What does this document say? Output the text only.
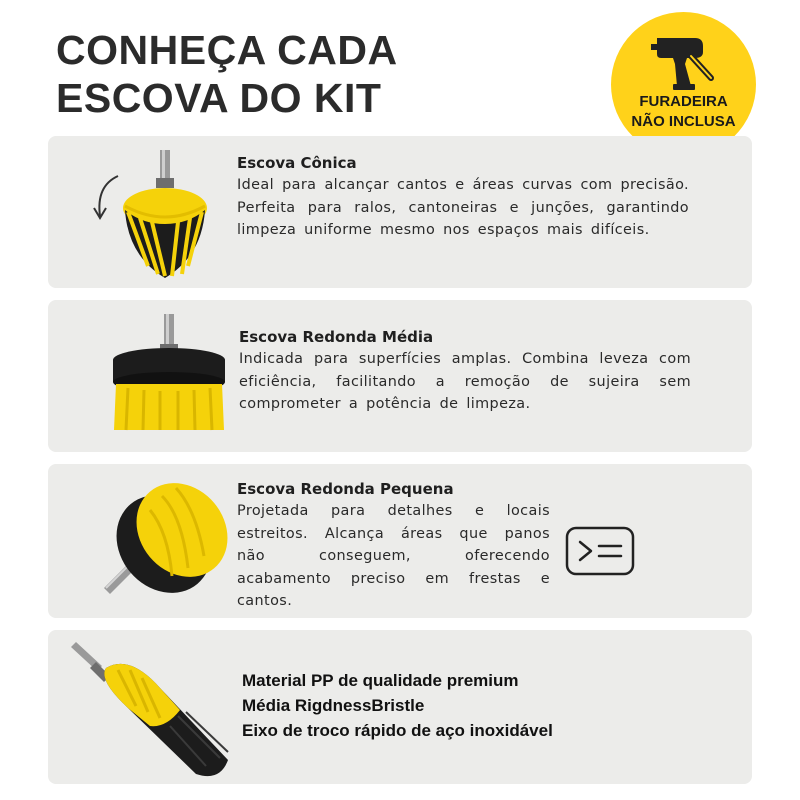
CONHEÇA CADA
ESCOVA DO KIT	FURADEIRA
NÃO INCLUSA
Escova Cônica
Ideal para alcançar cantos e áreas curvas com precisão. Perfeita para ralos, cantoneiras e junções, garantindo limpeza uniforme mesmo nos espaços mais difíceis.
Escova Redonda Média
Indicada para superfícies amplas. Combina leveza com eficiência, facilitando a remoção de sujeira sem comprometer a potência de limpeza.
Escova Redonda Pequena
Projetada para detalhes e locais estreitos. Alcança áreas que panos não conseguem, oferecendo acabamento preciso em frestas e cantos.
Material PP de qualidade premium
Média RigdnessBristle
Eixo de troco rápido de aço inoxidável
